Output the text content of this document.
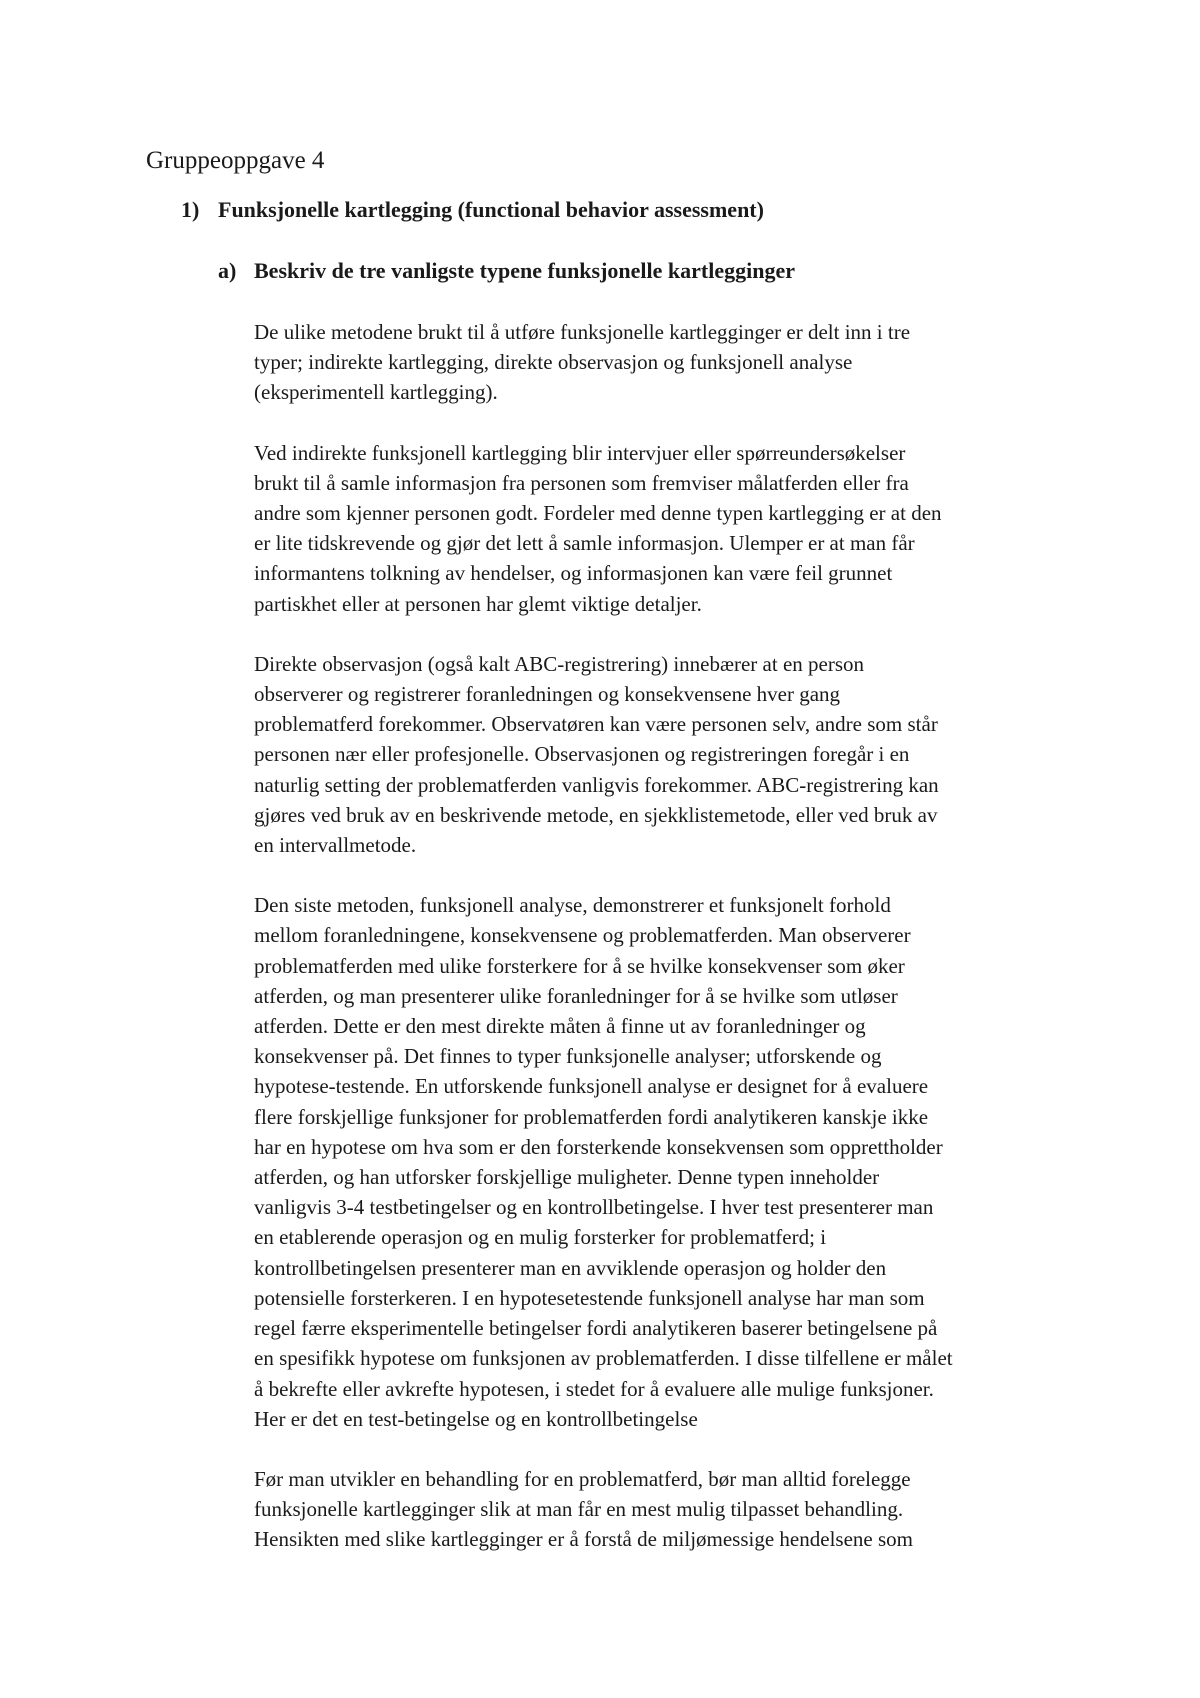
Gruppeoppgave 4
1) Funksjonelle kartlegging (functional behavior assessment)
a) Beskriv de tre vanligste typene funksjonelle kartlegginger

De ulike metodene brukt til å utføre funksjonelle kartlegginger er delt inn i tre
typer; indirekte kartlegging, direkte observasjon og funksjonell analyse
(eksperimentell kartlegging).

Ved indirekte funksjonell kartlegging blir intervjuer eller spørreundersøkelser
brukt til å samle informasjon fra personen som fremviser målatferden eller fra
andre som kjenner personen godt. Fordeler med denne typen kartlegging er at den
er lite tidskrevende og gjør det lett å samle informasjon. Ulemper er at man får
informantens tolkning av hendelser, og informasjonen kan være feil grunnet
partiskhet eller at personen har glemt viktige detaljer.

Direkte observasjon (også kalt ABC-registrering) innebærer at en person
observerer og registrerer foranledningen og konsekvensene hver gang
problematferd forekommer. Observatøren kan være personen selv, andre som står
personen nær eller profesjonelle. Observasjonen og registreringen foregår i en
naturlig setting der problematferden vanligvis forekommer. ABC-registrering kan
gjøres ved bruk av en beskrivende metode, en sjekklistemetode, eller ved bruk av
en intervallmetode.

Den siste metoden, funksjonell analyse, demonstrerer et funksjonelt forhold
mellom foranledningene, konsekvensene og problematferden. Man observerer
problematferden med ulike forsterkere for å se hvilke konsekvenser som øker
atferden, og man presenterer ulike foranledninger for å se hvilke som utløser
atferden. Dette er den mest direkte måten å finne ut av foranledninger og
konsekvenser på. Det finnes to typer funksjonelle analyser; utforskende og
hypotese-testende. En utforskende funksjonell analyse er designet for å evaluere
flere forskjellige funksjoner for problematferden fordi analytikeren kanskje ikke
har en hypotese om hva som er den forsterkende konsekvensen som opprettholder
atferden, og han utforsker forskjellige muligheter. Denne typen inneholder
vanligvis 3-4 testbetingelser og en kontrollbetingelse. I hver test presenterer man
en etablerende operasjon og en mulig forsterker for problematferd; i
kontrollbetingelsen presenterer man en avviklende operasjon og holder den
potensielle forsterkeren. I en hypotesetestende funksjonell analyse har man som
regel færre eksperimentelle betingelser fordi analytikeren baserer betingelsene på
en spesifikk hypotese om funksjonen av problematferden. I disse tilfellene er målet
å bekrefte eller avkrefte hypotesen, i stedet for å evaluere alle mulige funksjoner.
Her er det en test-betingelse og en kontrollbetingelse

Før man utvikler en behandling for en problematferd, bør man alltid forelegge
funksjonelle kartlegginger slik at man får en mest mulig tilpasset behandling.
Hensikten med slike kartlegginger er å forstå de miljømessige hendelsene som
